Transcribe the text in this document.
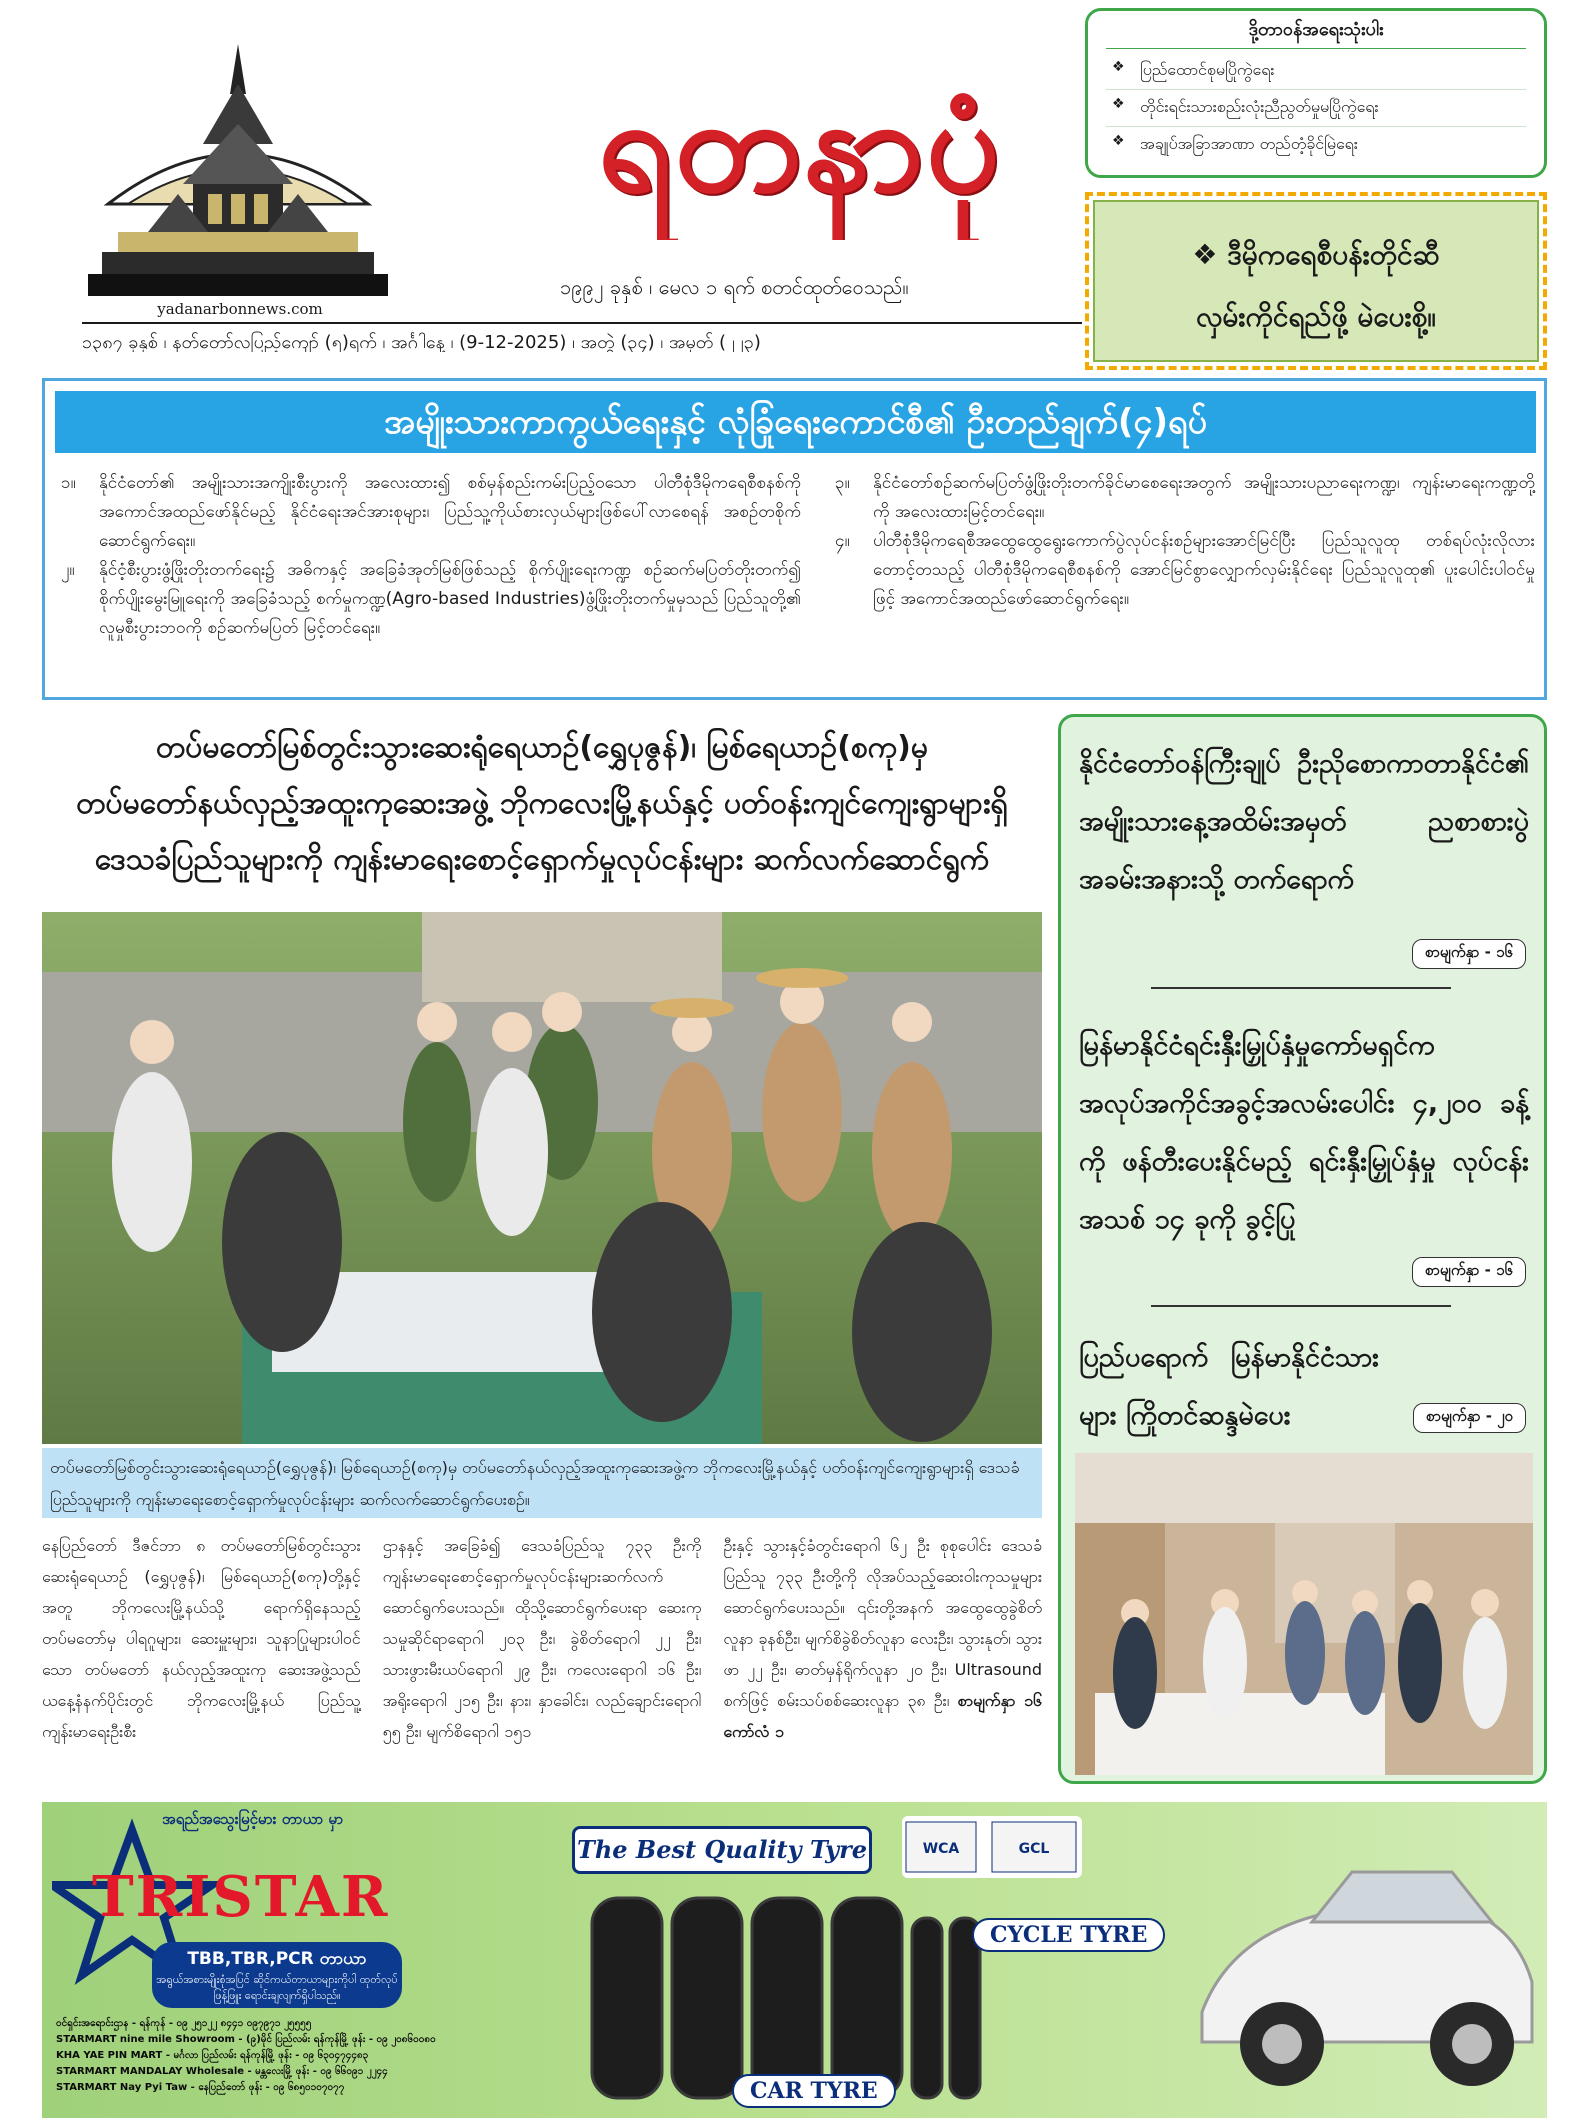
yadanarbonnews.com
ရတနာပုံ
၁၉၉၂ ခုနှစ် ၊ မေလ ၁ ရက် စတင်ထုတ်ဝေသည်။
၁၃၈၇ ခုနှစ် ၊ နတ်တော်လပြည့်ကျော် (၅)ရက် ၊ အင်္ဂါနေ့ ၊ (9-12-2025) ၊ အတွဲ (၃၄) ၊ အမှတ် (၂၂၃)
ဒို့တာဝန်အရေးသုံးပါး
❖ ပြည်ထောင်စုမပြိုကွဲရေး
❖ တိုင်းရင်းသားစည်းလုံးညီညွတ်မှုမပြိုကွဲရေး
❖ အချုပ်အခြာအာဏာ တည်တံ့ခိုင်မြဲရေး
❖ ဒီမိုကရေစီပန်းတိုင်ဆီ
လှမ်းကိုင်ရည်ဖို့ မဲပေးစို့။
အမျိုးသားကာကွယ်ရေးနှင့် လုံခြုံရေးကောင်စီ၏ ဦးတည်ချက်(၄)ရပ်

၁။ နိုင်ငံတော်၏ အမျိုးသားအကျိုးစီးပွားကို အလေးထား၍ စစ်မှန်စည်းကမ်းပြည့်ဝသော ပါတီစုံဒီမိုကရေစီစနစ်ကို အကောင်အထည်ဖော်နိုင်မည့် နိုင်ငံရေးအင်အားစုများ၊ ပြည်သူ့ကိုယ်စားလှယ်များဖြစ်ပေါ်လာစေရန် အစဉ်တစိုက်ဆောင်ရွက်ရေး။

၂။ နိုင်ငံ့စီးပွားဖွံ့ဖြိုးတိုးတက်ရေး၌ အဓိကနှင့် အခြေခံအုတ်မြစ်ဖြစ်သည့် စိုက်ပျိုးရေးကဏ္ဍ စဉ်ဆက်မပြတ်တိုးတက်၍ စိုက်ပျိုးမွေးမြူရေးကို အခြေခံသည့် စက်မှုကဏ္ဍ(Agro-based Industries)ဖွံ့ဖြိုးတိုးတက်မှုမှသည် ပြည်သူတို့၏ လူမှုစီးပွားဘဝကို စဉ်ဆက်မပြတ် မြင့်တင်ရေး။

၃။ နိုင်ငံတော်စဉ်ဆက်မပြတ်ဖွံ့ဖြိုးတိုးတက်ခိုင်မာစေရေးအတွက် အမျိုးသားပညာရေးကဏ္ဍ၊ ကျန်းမာရေးကဏ္ဍတို့ကို အလေးထားမြင့်တင်ရေး။

၄။ ပါတီစုံဒီမိုကရေစီအထွေထွေရွေးကောက်ပွဲလုပ်ငန်းစဉ်များအောင်မြင်ပြီး ပြည်သူလူထု တစ်ရပ်လုံးလိုလားတောင့်တသည့် ပါတီစုံဒီမိုကရေစီစနစ်ကို အောင်မြင်စွာလျှောက်လှမ်းနိုင်ရေး ပြည်သူလူထု၏ ပူးပေါင်းပါဝင်မှုဖြင့် အကောင်အထည်ဖော်ဆောင်ရွက်ရေး။

တပ်မတော်မြစ်တွင်းသွားဆေးရုံရေယာဉ်(ရွှေပုဇွန်)၊ မြစ်ရေယာဉ်(စကု)မှ
တပ်မတော်နယ်လှည့်အထူးကုဆေးအဖွဲ့ ဘိုကလေးမြို့နယ်နှင့် ပတ်ဝန်းကျင်ကျေးရွာများရှိ
ဒေသခံပြည်သူများကို ကျန်းမာရေးစောင့်ရှောက်မှုလုပ်ငန်းများ ဆက်လက်ဆောင်ရွက်
တပ်မတော်မြစ်တွင်းသွားဆေးရုံရေယာဉ်(ရွှေပုဇွန်)၊ မြစ်ရေယာဉ်(စကု)မှ တပ်မတော်နယ်လှည့်အထူးကုဆေးအဖွဲ့က ဘိုကလေးမြို့နယ်နှင့် ပတ်ဝန်းကျင်ကျေးရွာများရှိ ဒေသခံပြည်သူများကို ကျန်းမာရေးစောင့်ရှောက်မှုလုပ်ငန်းများ ဆက်လက်ဆောင်ရွက်ပေးစဉ်။
နေပြည်တော် ဒီဇင်ဘာ ၈ တပ်မတော်မြစ်တွင်းသွားဆေးရုံရေယာဉ် (ရွှေပုဇွန်)၊ မြစ်ရေယာဉ်(စကု)တို့နှင့်အတူ ဘိုကလေးမြို့နယ်သို့ ရောက်ရှိနေသည့် တပ်မတော်မှ ပါရဂူများ၊ ဆေးမှူးများ၊ သူနာပြုများပါဝင်သော တပ်မတော် နယ်လှည့်အထူးကု ဆေးအဖွဲ့သည် ယနေ့နံနက်ပိုင်းတွင် ဘိုကလေးမြို့နယ် ပြည်သူ့ကျန်းမာရေးဦးစီး
ဌာနနှင့် အခြေခံ၍ ဒေသခံပြည်သူ ၇၃၃ ဦးကို ကျန်းမာရေးစောင့်ရှောက်မှုလုပ်ငန်းများဆက်လက်ဆောင်ရွက်ပေးသည်။ ထိုသို့ဆောင်ရွက်ပေးရာ ဆေးကုသမှုဆိုင်ရာရောဂါ ၂၀၃ ဦး၊ ခွဲစိတ်ရောဂါ ၂၂ ဦး၊ သားဖွားမီးယပ်ရောဂါ ၂၉ ဦး၊ ကလေးရောဂါ ၁၆ ဦး၊ အရိုးရောဂါ ၂၁၅ ဦး၊ နား၊ နှာခေါင်း၊ လည်ချောင်းရောဂါ ၅၅ ဦး၊ မျက်စိရောဂါ ၁၅၁
ဦးနှင့် သွားနှင့်ခံတွင်းရောဂါ ၆၂ ဦး စုစုပေါင်း ဒေသခံပြည်သူ ၇၃၃ ဦးတို့ကို လိုအပ်သည့်ဆေးဝါးကုသမှုများ ဆောင်ရွက်ပေးသည်။ ၎င်းတို့အနက် အထွေထွေခွဲစိတ်လူနာ ခုနစ်ဦး၊ မျက်စိခွဲစိတ်လူနာ လေးဦး၊ သွားနုတ်၊ သွားဖာ ၂၂ ဦး၊ ဓာတ်မှန်ရိုက်လူနာ ၂၀ ဦး၊ Ultrasound စက်ဖြင့် စမ်းသပ်စစ်ဆေးလူနာ ၃၈ ဦး၊ စာမျက်နှာ ၁၆ ကော်လံ ၁
နိုင်ငံတော်ဝန်ကြီးချုပ် ဦးညိုစောကာတာနိုင်ငံ၏ အမျိုးသားနေ့အထိမ်းအမှတ် ညစာစားပွဲအခမ်းအနားသို့ တက်ရောက်
စာမျက်နှာ - ၁၆
မြန်မာနိုင်ငံရင်းနှီးမြှုပ်နှံမှုကော်မရှင်က အလုပ်အကိုင်အခွင့်အလမ်းပေါင်း ၄,၂၀၀ ခန့်ကို ဖန်တီးပေးနိုင်မည့် ရင်းနှီးမြှုပ်နှံမှု လုပ်ငန်းအသစ် ၁၄ ခုကို ခွင့်ပြု
စာမျက်နှာ - ၁၆
ပြည်ပရောက် မြန်မာနိုင်ငံသားများ ကြိုတင်ဆန္ဒမဲပေး	စာမျက်နှာ - ၂၀
အရည်အသွေးမြင့်မား တာယာ မှာ
TRISTAR
TBB,TBR,PCR တာယာ
အရွယ်အစားမျိုးစုံအပြင် ဆိုင်ကယ်တာယာများကိုပါ ထုတ်လုပ်ဖြန့်ဖြူး ရောင်းချလျက်ရှိပါသည်။
ဝင်ရှင်းအရောင်းဌာန - ရန်ကုန် - ၀၉ ၂၅၁၂၂ ၈၄၄၁ ၀၉၇၉၇၁ ၂၅၅၅၅
STARMART nine mile Showroom - (၉)မိုင် ပြည်လမ်း ရန်ကုန်မြို့ ဖုန်း - ၀၉ ၂၀၈၆၀၀၈၀
KHA YAE PIN MART - မင်္ဂလာ ပြည်လမ်း ရန်ကုန်မြို့ ဖုန်း - ၀၉ ၆၃၀၄၇၄၄၈၃
STARMART MANDALAY Wholesale - မန္တလေးမြို့ ဖုန်း - ၀၉ ၆၆၀၉၁ ၂၂၄၄
STARMART Nay Pyi Taw - နေပြည်တော် ဖုန်း - ၀၉ ၆၈၅၀၁၀၇၀၇၇
The Best Quality Tyre	WCA	GCL
CYCLE TYRE
CAR TYRE
